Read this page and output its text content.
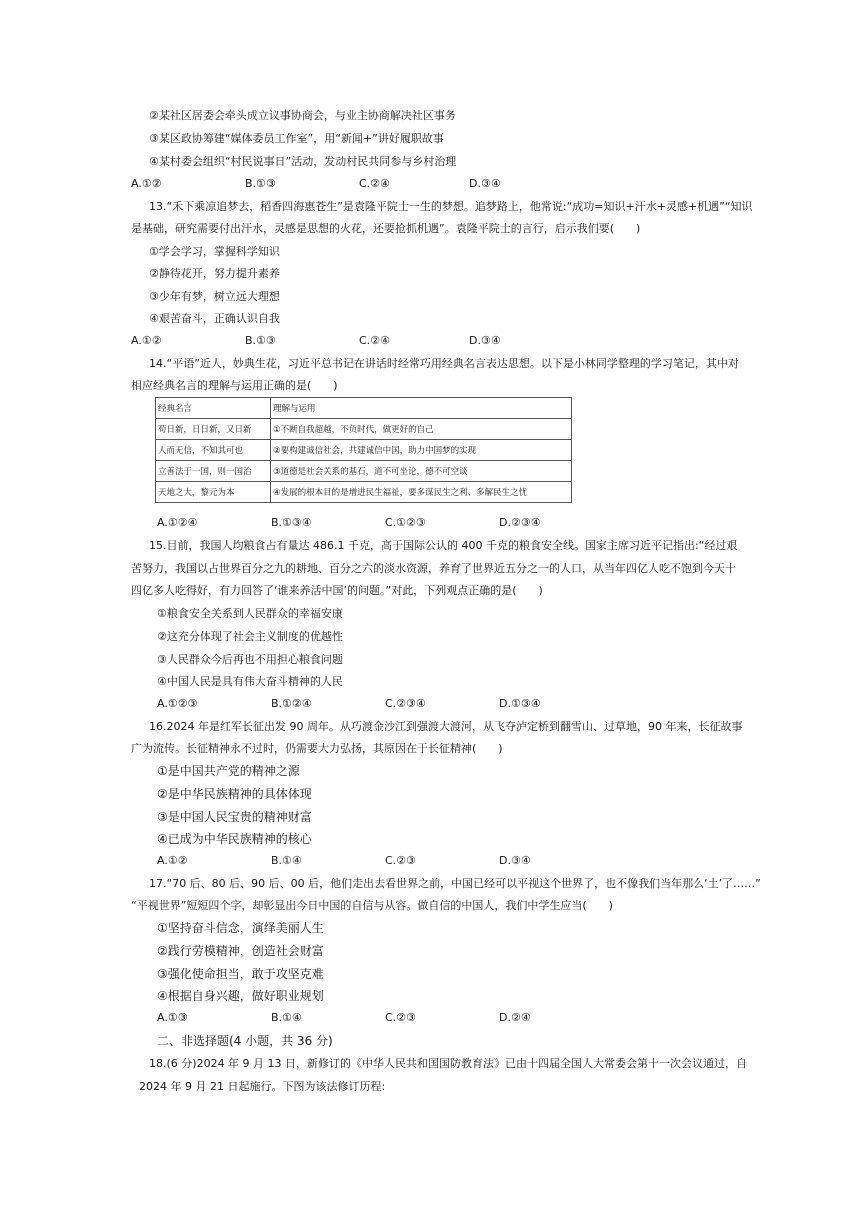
②某社区居委会牵头成立议事协商会，与业主协商解决社区事务
③某区政协筹建“媒体委员工作室”，用“新闻+”讲好履职故事
④某村委会组织“村民说事日”活动，发动村民共同参与乡村治理
A.①②	B.①③	C.②④	D.③④
13.“禾下乘凉追梦去，稻香四海惠苍生”是袁隆平院士一生的梦想。追梦路上，他常说:“成功=知识+汗水+灵感+机遇”“知识
是基础，研究需要付出汗水，灵感是思想的火花，还要抢抓机遇”。袁隆平院士的言行，启示我们要(　　)
①学会学习，掌握科学知识
②静待花开，努力提升素养
③少年有梦，树立远大理想
④艰苦奋斗，正确认识自我
A.①②	B.①③	C.②④	D.③④
14.“平语”近人，妙典生花，习近平总书记在讲话时经常巧用经典名言表达思想。以下是小林同学整理的学习笔记，其中对
相应经典名言的理解与运用正确的是(　　)
经典名言	理解与运用
苟日新，日日新，又日新	①不断自我超越，不负时代，做更好的自己
人而无信，不知其可也	②要构建诚信社会，共建诚信中国，助力中国梦的实现
立善法于一国，则一国治	③道德是社会关系的基石，道不可坐论，德不可空谈
天地之大，黎元为本	④发展的根本目的是增进民生福祉，要多谋民生之利、多解民生之忧
A.①②④	B.①③④	C.①②③	D.②③④
15.目前，我国人均粮食占有量达 486.1 千克，高于国际公认的 400 千克的粮食安全线。国家主席习近平记指出:“经过艰
苦努力，我国以占世界百分之九的耕地、百分之六的淡水资源，养育了世界近五分之一的人口，从当年四亿人吃不饱到今天十
四亿多人吃得好，有力回答了‘谁来养活中国’的问题。”对此，下列观点正确的是(　　)
①粮食安全关系到人民群众的幸福安康
②这充分体现了社会主义制度的优越性
③人民群众今后再也不用担心粮食问题
④中国人民是具有伟大奋斗精神的人民
A.①②③	B.①②④	C.②③④	D.①③④
16.2024 年是红军长征出发 90 周年。从巧渡金沙江到强渡大渡河，从飞夺泸定桥到翻雪山、过草地，90 年来，长征故事
广为流传。长征精神永不过时，仍需要大力弘扬，其原因在于长征精神(　　)
①是中国共产党的精神之源
②是中华民族精神的具体体现
③是中国人民宝贵的精神财富
④已成为中华民族精神的核心
A.①②	B.①④	C.②③	D.③④
17.“70 后、80 后、90 后、00 后，他们走出去看世界之前，中国已经可以平视这个世界了，也不像我们当年那么‘土’了……”
“平视世界”短短四个字，却彰显出今日中国的自信与从容。做自信的中国人，我们中学生应当(　　)
①坚持奋斗信念，演绎美丽人生
②践行劳模精神，创造社会财富
③强化使命担当，敢于攻坚克难
④根据自身兴趣，做好职业规划
A.①③	B.①④	C.②③	D.②④
二、非选择题(4 小题，共 36 分)
18.(6 分)2024 年 9 月 13 日，新修订的《中华人民共和国国防教育法》已由十四届全国人大常委会第十一次会议通过，自
2024 年 9 月 21 日起施行。下图为该法修订历程:
